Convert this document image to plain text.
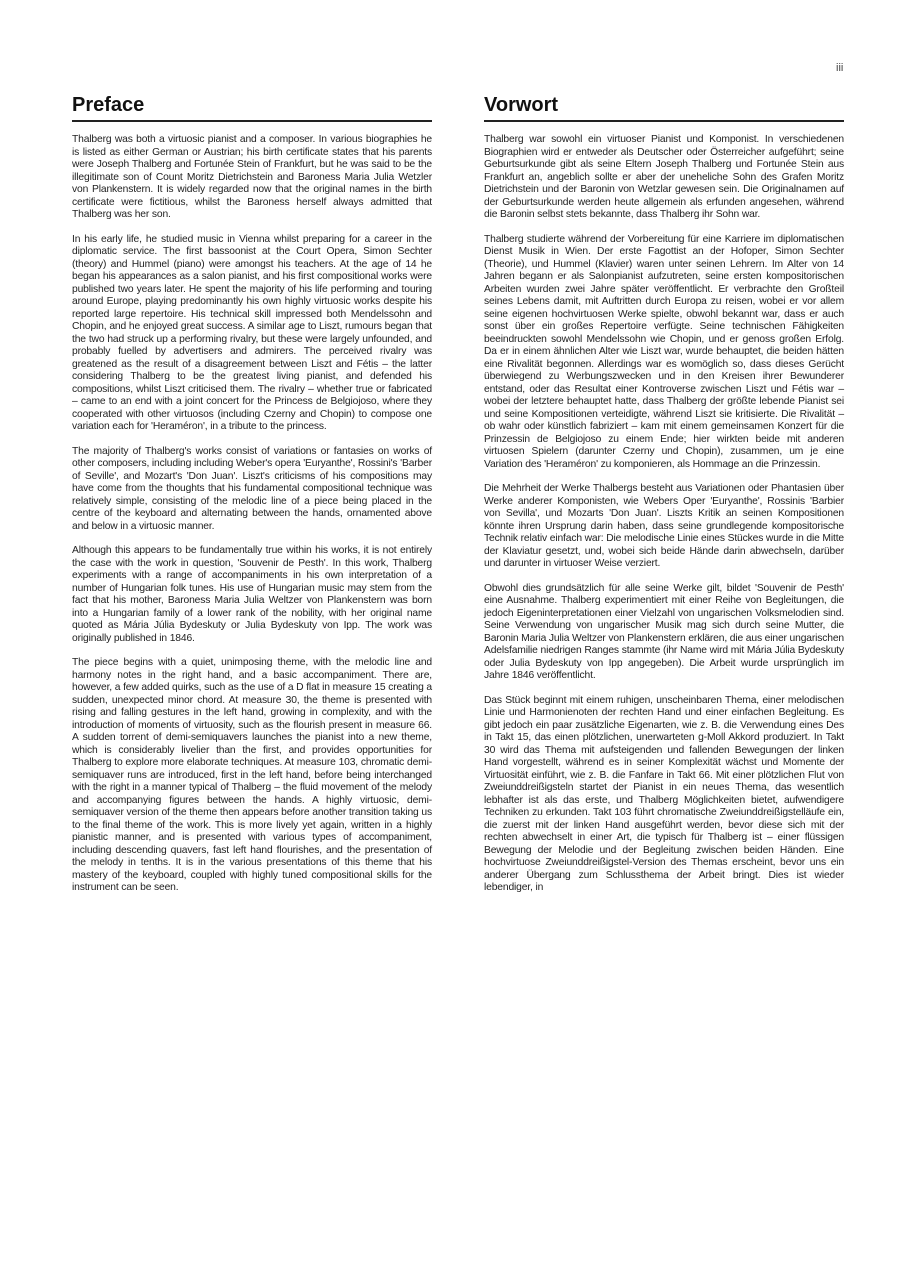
iii
Preface

Thalberg was both a virtuosic pianist and a composer. In various biographies he is listed as either German or Austrian; his birth certificate states that his parents were Joseph Thalberg and Fortunée Stein of Frankfurt, but he was said to be the illegitimate son of Count Moritz Dietrichstein and Baroness Maria Julia Wetzler von Plankenstern. It is widely regarded now that the original names in the birth certificate were fictitious, whilst the Baroness herself always admitted that Thalberg was her son.

In his early life, he studied music in Vienna whilst preparing for a career in the diplomatic service. The first bassoonist at the Court Opera, Simon Sechter (theory) and Hummel (piano) were amongst his teachers. At the age of 14 he began his appearances as a salon pianist, and his first compositional works were published two years later. He spent the majority of his life performing and touring around Europe, playing predominantly his own highly virtuosic works despite his reported large repertoire. His technical skill impressed both Mendelssohn and Chopin, and he enjoyed great success. A similar age to Liszt, rumours began that the two had struck up a performing rivalry, but these were largely unfounded, and probably fuelled by advertisers and admirers. The perceived rivalry was greatened as the result of a disagreement between Liszt and Fétis – the latter considering Thalberg to be the greatest living pianist, and defended his compositions, whilst Liszt criticised them. The rivalry – whether true or fabricated – came to an end with a joint concert for the Princess de Belgiojoso, where they cooperated with other virtuosos (including Czerny and Chopin) to compose one variation each for 'Heraméron', in a tribute to the princess.

The majority of Thalberg's works consist of variations or fantasies on works of other composers, including including Weber's opera 'Euryanthe', Rossini's 'Barber of Seville', and Mozart's 'Don Juan'. Liszt's criticisms of his compositions may have come from the thoughts that his fundamental compositional technique was relatively simple, consisting of the melodic line of a piece being placed in the centre of the keyboard and alternating between the hands, ornamented above and below in a virtuosic manner.

Although this appears to be fundamentally true within his works, it is not entirely the case with the work in question, 'Souvenir de Pesth'. In this work, Thalberg experiments with a range of accompaniments in his own interpretation of a number of Hungarian folk tunes. His use of Hungarian music may stem from the fact that his mother, Baroness Maria Julia Weltzer von Plankenstern was born into a Hungarian family of a lower rank of the nobility, with her original name quoted as Mária Júlia Bydeskuty or Julia Bydeskuty von Ipp. The work was originally published in 1846.

The piece begins with a quiet, unimposing theme, with the melodic line and harmony notes in the right hand, and a basic accompaniment. There are, however, a few added quirks, such as the use of a D flat in measure 15 creating a sudden, unexpected minor chord. At measure 30, the theme is presented with rising and falling gestures in the left hand, growing in complexity, and with the introduction of moments of virtuosity, such as the flourish present in measure 66. A sudden torrent of demi-semiquavers launches the pianist into a new theme, which is considerably livelier than the first, and provides opportunities for Thalberg to explore more elaborate techniques. At measure 103, chromatic demi-semiquaver runs are introduced, first in the left hand, before being interchanged with the right in a manner typical of Thalberg – the fluid movement of the melody and accompanying figures between the hands. A highly virtuosic, demi-semiquaver version of the theme then appears before another transition taking us to the final theme of the work. This is more lively yet again, written in a highly pianistic manner, and is presented with various types of accompaniment, including descending quavers, fast left hand flourishes, and the presentation of the melody in tenths. It is in the various presentations of this theme that his mastery of the keyboard, coupled with highly tuned compositional skills for the instrument can be seen.

Vorwort

Thalberg war sowohl ein virtuoser Pianist und Komponist. In verschiedenen Biographien wird er entweder als Deutscher oder Österreicher aufgeführt; seine Geburtsurkunde gibt als seine Eltern Joseph Thalberg und Fortunée Stein aus Frankfurt an, angeblich sollte er aber der uneheliche Sohn des Grafen Moritz Dietrichstein und der Baronin von Wetzlar gewesen sein. Die Originalnamen auf der Geburtsurkunde werden heute allgemein als erfunden angesehen, während die Baronin selbst stets bekannte, dass Thalberg ihr Sohn war.

Thalberg studierte während der Vorbereitung für eine Karriere im diplomatischen Dienst Musik in Wien. Der erste Fagottist an der Hofoper, Simon Sechter (Theorie), und Hummel (Klavier) waren unter seinen Lehrern. Im Alter von 14 Jahren begann er als Salonpianist aufzutreten, seine ersten kompositorischen Arbeiten wurden zwei Jahre später veröffentlicht. Er verbrachte den Großteil seines Lebens damit, mit Auftritten durch Europa zu reisen, wobei er vor allem seine eigenen hochvirtuosen Werke spielte, obwohl bekannt war, dass er auch sonst über ein großes Repertoire verfügte. Seine technischen Fähigkeiten beeindruckten sowohl Mendelssohn wie Chopin, und er genoss großen Erfolg. Da er in einem ähnlichen Alter wie Liszt war, wurde behauptet, die beiden hätten eine Rivalität begonnen. Allerdings war es womöglich so, dass dieses Gerücht überwiegend zu Werbungszwecken und in den Kreisen ihrer Bewunderer entstand, oder das Resultat einer Kontroverse zwischen Liszt und Fétis war – wobei der letztere behauptet hatte, dass Thalberg der größte lebende Pianist sei und seine Kompositionen verteidigte, während Liszt sie kritisierte. Die Rivalität – ob wahr oder künstlich fabriziert – kam mit einem gemeinsamen Konzert für die Prinzessin de Belgiojoso zu einem Ende; hier wirkten beide mit anderen virtuosen Spielern (darunter Czerny und Chopin), zusammen, um je eine Variation des 'Heraméron' zu komponieren, als Hommage an die Prinzessin.

Die Mehrheit der Werke Thalbergs besteht aus Variationen oder Phantasien über Werke anderer Komponisten, wie Webers Oper 'Euryanthe', Rossinis 'Barbier von Sevilla', und Mozarts 'Don Juan'. Liszts Kritik an seinen Kompositionen könnte ihren Ursprung darin haben, dass seine grundlegende kompositorische Technik relativ einfach war: Die melodische Linie eines Stückes wurde in die Mitte der Klaviatur gesetzt, und, wobei sich beide Hände darin abwechseln, darüber und darunter in virtuoser Weise verziert.

Obwohl dies grundsätzlich für alle seine Werke gilt, bildet 'Souvenir de Pesth' eine Ausnahme. Thalberg experimentiert mit einer Reihe von Begleitungen, die jedoch Eigeninterpretationen einer Vielzahl von ungarischen Volksmelodien sind. Seine Verwendung von ungarischer Musik mag sich durch seine Mutter, die Baronin Maria Julia Weltzer von Plankenstern erklären, die aus einer ungarischen Adelsfamilie niedrigen Ranges stammte (ihr Name wird mit Mária Júlia Bydeskuty oder Julia Bydeskuty von Ipp angegeben). Die Arbeit wurde ursprünglich im Jahre 1846 veröffentlicht.

Das Stück beginnt mit einem ruhigen, unscheinbaren Thema, einer melodischen Linie und Harmonienoten der rechten Hand und einer einfachen Begleitung. Es gibt jedoch ein paar zusätzliche Eigenarten, wie z. B. die Verwendung eines Des in Takt 15, das einen plötzlichen, unerwarteten g-Moll Akkord produziert. In Takt 30 wird das Thema mit aufsteigenden und fallenden Bewegungen der linken Hand vorgestellt, während es in seiner Komplexität wächst und Momente der Virtuosität einführt, wie z. B. die Fanfare in Takt 66. Mit einer plötzlichen Flut von Zweiunddreißigsteln startet der Pianist in ein neues Thema, das wesentlich lebhafter ist als das erste, und Thalberg Möglichkeiten bietet, aufwendigere Techniken zu erkunden. Takt 103 führt chromatische Zweiunddreißigstelläufe ein, die zuerst mit der linken Hand ausgeführt werden, bevor diese sich mit der rechten abwechselt in einer Art, die typisch für Thalberg ist – einer flüssigen Bewegung der Melodie und der Begleitung zwischen beiden Händen. Eine hochvirtuose Zweiunddreißigstel-Version des Themas erscheint, bevor uns ein anderer Übergang zum Schlussthema der Arbeit bringt. Dies ist wieder lebendiger, in
